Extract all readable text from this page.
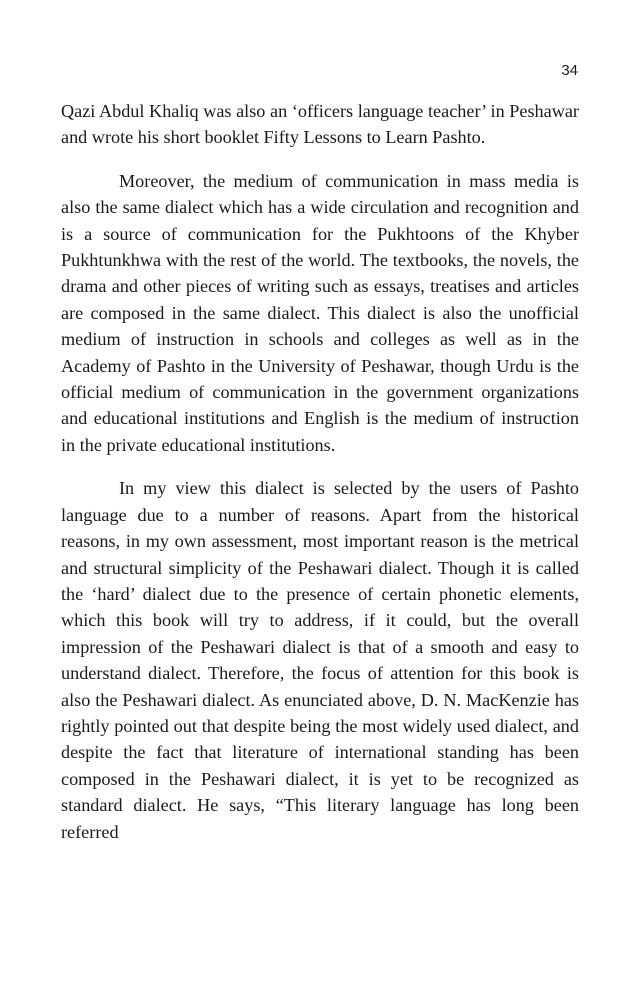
34

Qazi Abdul Khaliq was also an ‘officers language teacher’ in Peshawar and wrote his short booklet Fifty Lessons to Learn Pashto.

Moreover, the medium of communication in mass media is also the same dialect which has a wide circulation and recognition and is a source of communication for the Pukhtoons of the Khyber Pukhtunkhwa with the rest of the world. The textbooks, the novels, the drama and other pieces of writing such as essays, treatises and articles are composed in the same dialect. This dialect is also the unofficial medium of instruction in schools and colleges as well as in the Academy of Pashto in the University of Peshawar, though Urdu is the official medium of communication in the government organizations and educational institutions and English is the medium of instruction in the private educational institutions.

In my view this dialect is selected by the users of Pashto language due to a number of reasons. Apart from the historical reasons, in my own assessment, most important reason is the metrical and structural simplicity of the Peshawari dialect. Though it is called the ‘hard’ dialect due to the presence of certain phonetic elements, which this book will try to address, if it could, but the overall impression of the Peshawari dialect is that of a smooth and easy to understand dialect. Therefore, the focus of attention for this book is also the Peshawari dialect. As enunciated above, D. N. MacKenzie has rightly pointed out that despite being the most widely used dialect, and despite the fact that literature of international standing has been composed in the Peshawari dialect, it is yet to be recognized as standard dialect. He says, “This literary language has long been referred
